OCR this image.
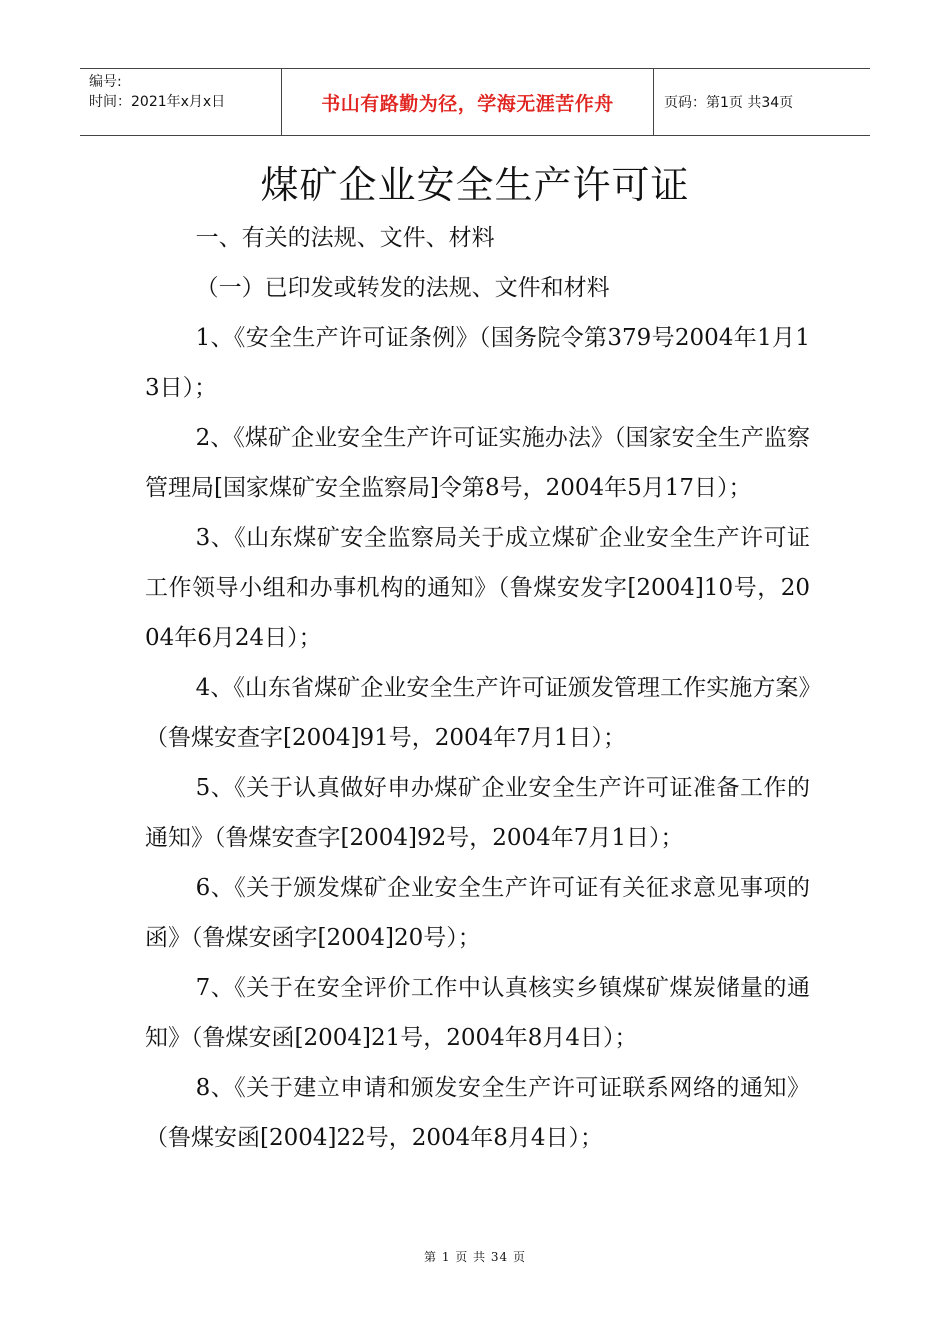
编号:
时间：2021年x月x日	书山有路勤为径，学海无涯苦作舟	页码：第1页 共34页
煤矿企业安全生产许可证

一、有关的法规、文件、材料

（一）已印发或转发的法规、文件和材料

1、《安全生产许可证条例》（国务院令第379号2004年1月13日）；

2、《煤矿企业安全生产许可证实施办法》（国家安全生产监察管理局[国家煤矿安全监察局]令第8号，2004年5月17日）；

3、《山东煤矿安全监察局关于成立煤矿企业安全生产许可证工作领导小组和办事机构的通知》（鲁煤安发字[2004]10号，2004年6月24日）；

4、《山东省煤矿企业安全生产许可证颁发管理工作实施方案》（鲁煤安查字[2004]91号，2004年7月1日）；

5、《关于认真做好申办煤矿企业安全生产许可证准备工作的通知》（鲁煤安查字[2004]92号，2004年7月1日）；

6、《关于颁发煤矿企业安全生产许可证有关征求意见事项的函》（鲁煤安函字[2004]20号）；

7、《关于在安全评价工作中认真核实乡镇煤矿煤炭储量的通知》（鲁煤安函[2004]21号，2004年8月4日）；

8、《关于建立申请和颁发安全生产许可证联系网络的通知》（鲁煤安函[2004]22号，2004年8月4日）；

第 1 页 共 34 页
